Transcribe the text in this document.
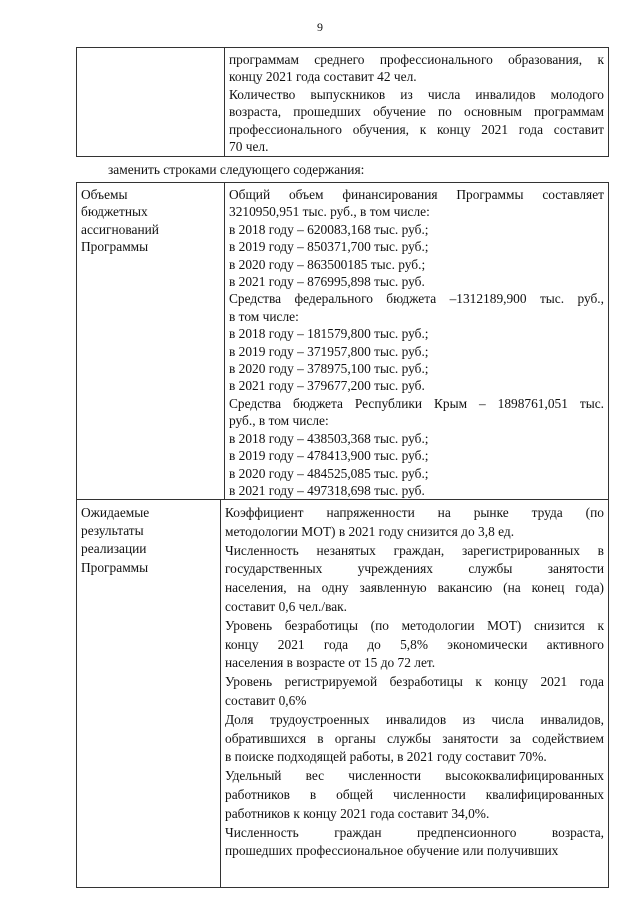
9
программам среднего профессионального образования, к
концу 2021 года составит 42 чел.
Количество выпускников из числа инвалидов молодого
возраста, прошедших обучение по основным программам
профессионального обучения, к концу 2021 года составит
70 чел.
заменить строками следующего содержания:
Объемы
бюджетных
ассигнований
Программы
Общий объем финансирования Программы составляет
3210950,951 тыс. руб., в том числе:
в 2018 году – 620083,168 тыс. руб.;
в 2019 году – 850371,700 тыс. руб.;
в 2020 году – 863500185 тыс. руб.;
в 2021 году – 876995,898 тыс. руб.
Средства федерального бюджета –1312189,900 тыс. руб.,
в том числе:
в 2018 году – 181579,800 тыс. руб.;
в 2019 году – 371957,800 тыс. руб.;
в 2020 году – 378975,100 тыс. руб.;
в 2021 году – 379677,200 тыс. руб.
Средства бюджета Республики Крым – 1898761,051 тыс.
руб., в том числе:
в 2018 году – 438503,368 тыс. руб.;
в 2019 году – 478413,900 тыс. руб.;
в 2020 году – 484525,085 тыс. руб.;
в 2021 году – 497318,698 тыс. руб.
Ожидаемые
результаты
реализации
Программы
Коэффициент напряженности на рынке труда (по
методологии МОТ) в 2021 году снизится до 3,8 ед.
Численность незанятых граждан, зарегистрированных в
государственных учреждениях службы занятости
населения, на одну заявленную вакансию (на конец года)
составит 0,6 чел./вак.
Уровень безработицы (по методологии МОТ) снизится к
концу 2021 года до 5,8% экономически активного
населения в возрасте от 15 до 72 лет.
Уровень регистрируемой безработицы к концу 2021 года
составит 0,6%
Доля трудоустроенных инвалидов из числа инвалидов,
обратившихся в органы службы занятости за содействием
в поиске подходящей работы, в 2021 году составит 70%.
Удельный вес численности высококвалифицированных
работников в общей численности квалифицированных
работников к концу 2021 года составит 34,0%.
Численность граждан предпенсионного возраста,
прошедших профессиональное обучение или получивших
